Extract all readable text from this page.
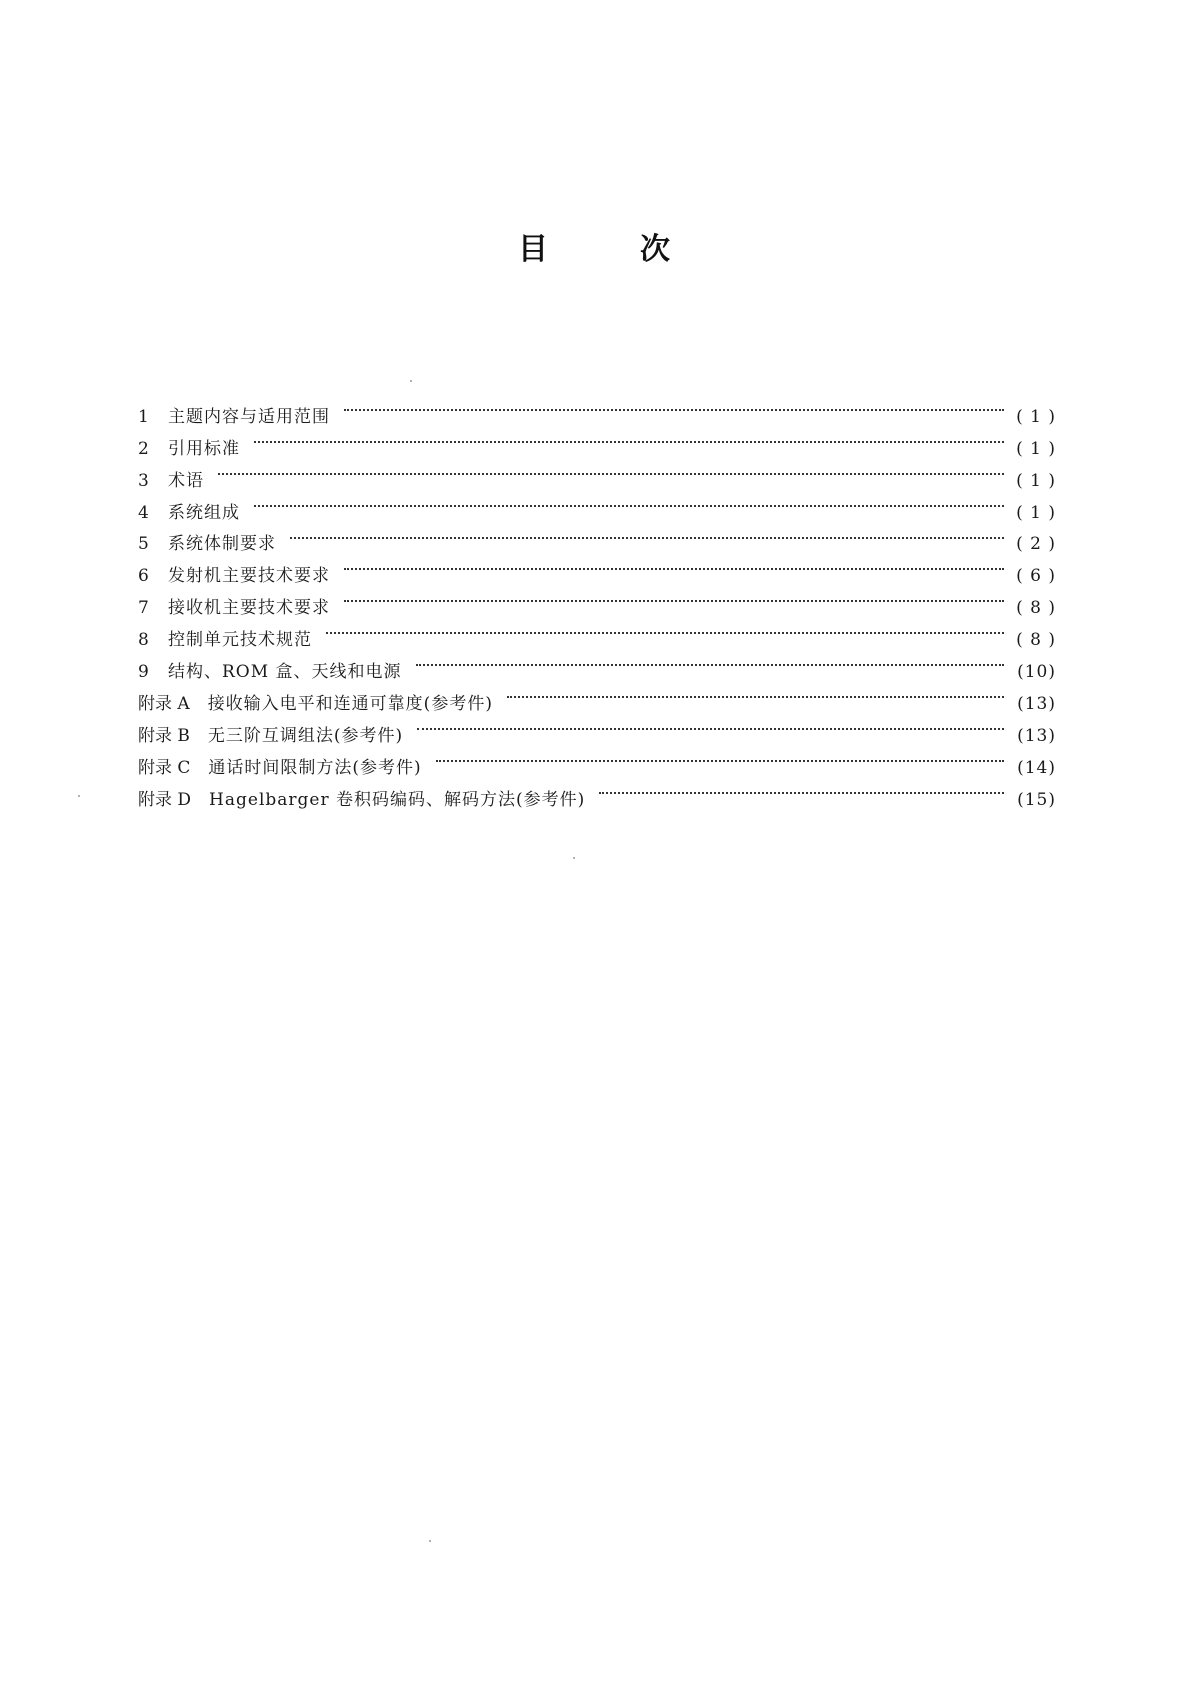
目	次
1 主题内容与适用范围	( 1 )
2 引用标准	( 1 )
3 术语	( 1 )
4 系统组成	( 1 )
5 系统体制要求	( 2 )
6 发射机主要技术要求	( 6 )
7 接收机主要技术要求	( 8 )
8 控制单元技术规范	( 8 )
9 结构、ROM 盒、天线和电源	(10)
附录 A 接收输入电平和连通可靠度(参考件)	(13)
附录 B 无三阶互调组法(参考件)	(13)
附录 C 通话时间限制方法(参考件)	(14)
附录 D Hagelbarger 卷积码编码、解码方法(参考件)	(15)
